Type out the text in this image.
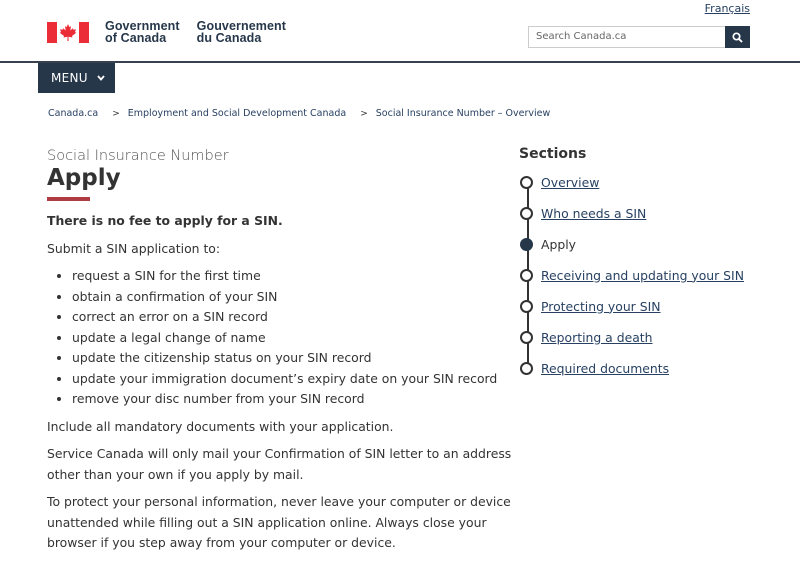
Français
Government
of Canada
Gouvernement
du Canada	Search Canada.ca
MENU
Canada.ca > Employment and Social Development Canada > Social Insurance Number – Overview
Social Insurance Number
Apply

There is no fee to apply for a SIN.

Submit a SIN application to:

• request a SIN for the first time
• obtain a confirmation of your SIN
• correct an error on a SIN record
• update a legal change of name
• update the citizenship status on your SIN record
• update your immigration document’s expiry date on your SIN record
• remove your disc number from your SIN record

Include all mandatory documents with your application.

Service Canada will only mail your Confirmation of SIN letter to an address other than your own if you apply by mail.

To protect your personal information, never leave your computer or device unattended while filling out a SIN application online. Always close your browser if you step away from your computer or device.

Sections
Overview
Who needs a SIN
Apply
Receiving and updating your SIN
Protecting your SIN
Reporting a death
Required documents
